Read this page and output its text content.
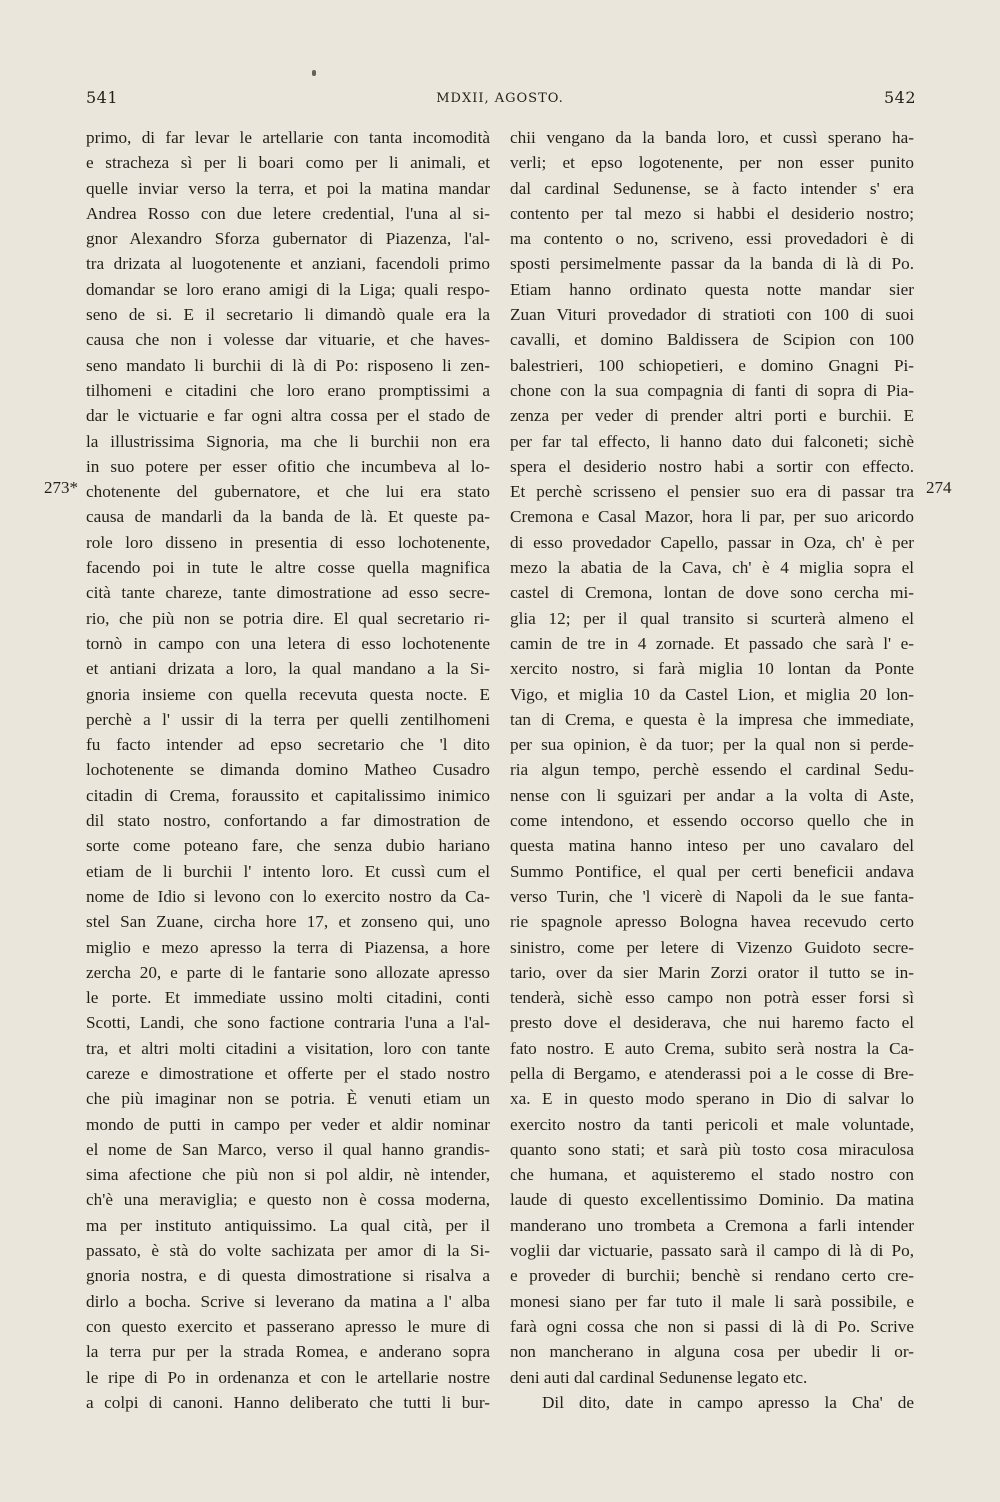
541	MDXII, AGOSTO.	542
273*	274
primo, di far levar le artellarie con tanta incomodità
e stracheza sì per li boari como per li animali, et
quelle inviar verso la terra, et poi la matina mandar
Andrea Rosso con due letere credential, l'una al si-
gnor Alexandro Sforza gubernator di Piazenza, l'al-
tra drizata al luogotenente et anziani, facendoli primo
domandar se loro erano amigi di la Liga; quali respo-
seno de si. E il secretario li dimandò quale era la
causa che non i volesse dar vituarie, et che haves-
seno mandato li burchii di là di Po: risposeno li zen-
tilhomeni e citadini che loro erano promptissimi a
dar le victuarie e far ogni altra cossa per el stado de
la illustrissima Signoria, ma che li burchii non era
in suo potere per esser ofitio che incumbeva al lo-
chotenente del gubernatore, et che lui era stato
causa de mandarli da la banda de là. Et queste pa-
role loro disseno in presentia di esso lochotenente,
facendo poi in tute le altre cosse quella magnifica
cità tante chareze, tante dimostratione ad esso secre-
rio, che più non se potria dire. El qual secretario ri-
tornò in campo con una letera di esso lochotenente
et antiani drizata a loro, la qual mandano a la Si-
gnoria insieme con quella recevuta questa nocte. E
perchè a l' ussir di la terra per quelli zentilhomeni
fu facto intender ad epso secretario che 'l dito
lochotenente se dimanda domino Matheo Cusadro
citadin di Crema, foraussito et capitalissimo inimico
dil stato nostro, confortando a far dimostration de
sorte come poteano fare, che senza dubio hariano
etiam de li burchii l' intento loro. Et cussì cum el
nome de Idio si levono con lo exercito nostro da Ca-
stel San Zuane, circha hore 17, et zonseno qui, uno
miglio e mezo apresso la terra di Piazensa, a hore
zercha 20, e parte di le fantarie sono allozate apresso
le porte. Et immediate ussino molti citadini, conti
Scotti, Landi, che sono factione contraria l'una a l'al-
tra, et altri molti citadini a visitation, loro con tante
careze e dimostratione et offerte per el stado nostro
che più imaginar non se potria. È venuti etiam un
mondo de putti in campo per veder et aldir nominar
el nome de San Marco, verso il qual hanno grandis-
sima afectione che più non si pol aldir, nè intender,
ch'è una meraviglia; e questo non è cossa moderna,
ma per instituto antiquissimo. La qual cità, per il
passato, è stà do volte sachizata per amor di la Si-
gnoria nostra, e di questa dimostratione si risalva a
dirlo a bocha. Scrive si leverano da matina a l' alba
con questo exercito et passerano apresso le mure di
la terra pur per la strada Romea, e anderano sopra
le ripe di Po in ordenanza et con le artellarie nostre
a colpi di canoni. Hanno deliberato che tutti li bur-
chii vengano da la banda loro, et cussì sperano ha-
verli; et epso logotenente, per non esser punito
dal cardinal Sedunense, se à facto intender s' era
contento per tal mezo si habbi el desiderio nostro;
ma contento o no, scriveno, essi provedadori è di
sposti persimelmente passar da la banda di là di Po.
Etiam hanno ordinato questa notte mandar sier
Zuan Vituri provedador di stratioti con 100 di suoi
cavalli, et domino Baldissera de Scipion con 100
balestrieri, 100 schiopetieri, e domino Gnagni Pi-
chone con la sua compagnia di fanti di sopra di Pia-
zenza per veder di prender altri porti e burchii. E
per far tal effecto, li hanno dato dui falconeti; sichè
spera el desiderio nostro habi a sortir con effecto.
Et perchè scrisseno el pensier suo era di passar tra
Cremona e Casal Mazor, hora li par, per suo aricordo
di esso provedador Capello, passar in Oza, ch' è per
mezo la abatia de la Cava, ch' è 4 miglia sopra el
castel di Cremona, lontan de dove sono cercha mi-
glia 12; per il qual transito si scurterà almeno el
camin de tre in 4 zornade. Et passado che sarà l' e-
xercito nostro, si farà miglia 10 lontan da Ponte
Vigo, et miglia 10 da Castel Lion, et miglia 20 lon-
tan di Crema, e questa è la impresa che immediate,
per sua opinion, è da tuor; per la qual non si perde-
ria algun tempo, perchè essendo el cardinal Sedu-
nense con li sguizari per andar a la volta di Aste,
come intendono, et essendo occorso quello che in
questa matina hanno inteso per uno cavalaro del
Summo Pontifice, el qual per certi beneficii andava
verso Turin, che 'l vicerè di Napoli da le sue fanta-
rie spagnole apresso Bologna havea recevudo certo
sinistro, come per letere di Vizenzo Guidoto secre-
tario, over da sier Marin Zorzi orator il tutto se in-
tenderà, sichè esso campo non potrà esser forsi sì
presto dove el desiderava, che nui haremo facto el
fato nostro. E auto Crema, subito serà nostra la Ca-
pella di Bergamo, e atenderassi poi a le cosse di Bre-
xa. E in questo modo sperano in Dio di salvar lo
exercito nostro da tanti pericoli et male voluntade,
quanto sono stati; et sarà più tosto cosa miraculosa
che humana, et aquisteremo el stado nostro con
laude di questo excellentissimo Dominio. Da matina
manderano uno trombeta a Cremona a farli intender
voglii dar victuarie, passato sarà il campo di là di Po,
e proveder di burchii; benchè si rendano certo cre-
monesi siano per far tuto il male li sarà possibile, e
farà ogni cossa che non si passi di là di Po. Scrive
non mancherano in alguna cosa per ubedir li or-
deni auti dal cardinal Sedunense legato etc.
Dil dito, date in campo apresso la Cha' de
